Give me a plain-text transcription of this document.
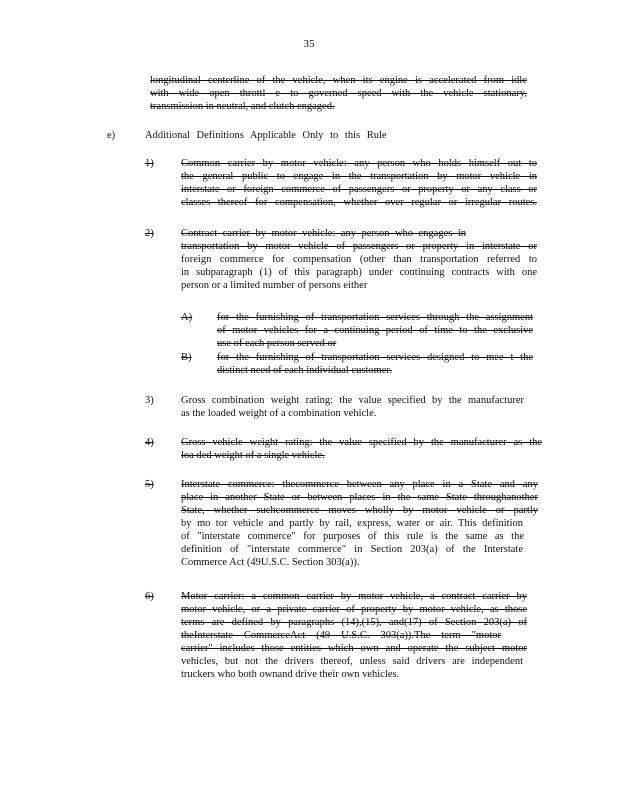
35
longitudinal centerline of the vehicle, when its engine is accelerated from idle
with wide open throttl e to governed speed with the vehicle stationary,
transmission in neutral, and clutch engaged.
e)	Additional Definitions Applicable Only to this Rule
1)	Common carrier by motor vehicle: any person who holds himself out to
the general public to engage in the transportation by motor vehicle in
interstate or foreign commerce of passengers or property or any class or
classes thereof for compensation, whether over regular or irregular routes.
2)	Contract carrier by motor vehicle: any person who engages in
transportation by motor vehicle of passengers or property in interstate or
foreign commerce for compensation (other than transportation referred to
in subparagraph (1) of this paragraph) under continuing contracts with one
person or a limited number of persons either
A) for the furnishing of transportation services through the assignment
of motor vehicles for a continuing period of time to the exclusive
use of each person served or
B) for the furnishing of transportation services designed to mee t the
distinct need of each individual customer.
3)	Gross combination weight rating: the value specified by the manufacturer
as the loaded weight of a combination vehicle.
4)	Gross vehicle weight rating: the value specified by the manufacturer as the
loa ded weight of a single vehicle.
5)	Interstate commerce: thecommerce between any place in a State and any
place in another State or between places in the same State throughanother
State, whether suchcommerce moves wholly by motor vehicle or partly
by mo tor vehicle and partly by rail, express, water or air. This definition
of "interstate commerce" for purposes of this rule is the same as the
definition of "interstate commerce" in Section 203(a) of the Interstate
Commerce Act (49U.S.C. Section 303(a)).
6)	Motor carrier: a common carrier by motor vehicle, a contract carrier by
motor vehicle, or a private carrier of property by motor vehicle, as those
terms are defined by paragraphs (14),(15), and(17) of Section 203(a) of
theInterstate CommerceAct (49 U.S.C. 303(a)).The term "motor
carrier" includes those entities which own and operate the subject motor
vehicles, but not the drivers thereof, unless said drivers are independent
truckers who both ownand drive their own vehicles.
